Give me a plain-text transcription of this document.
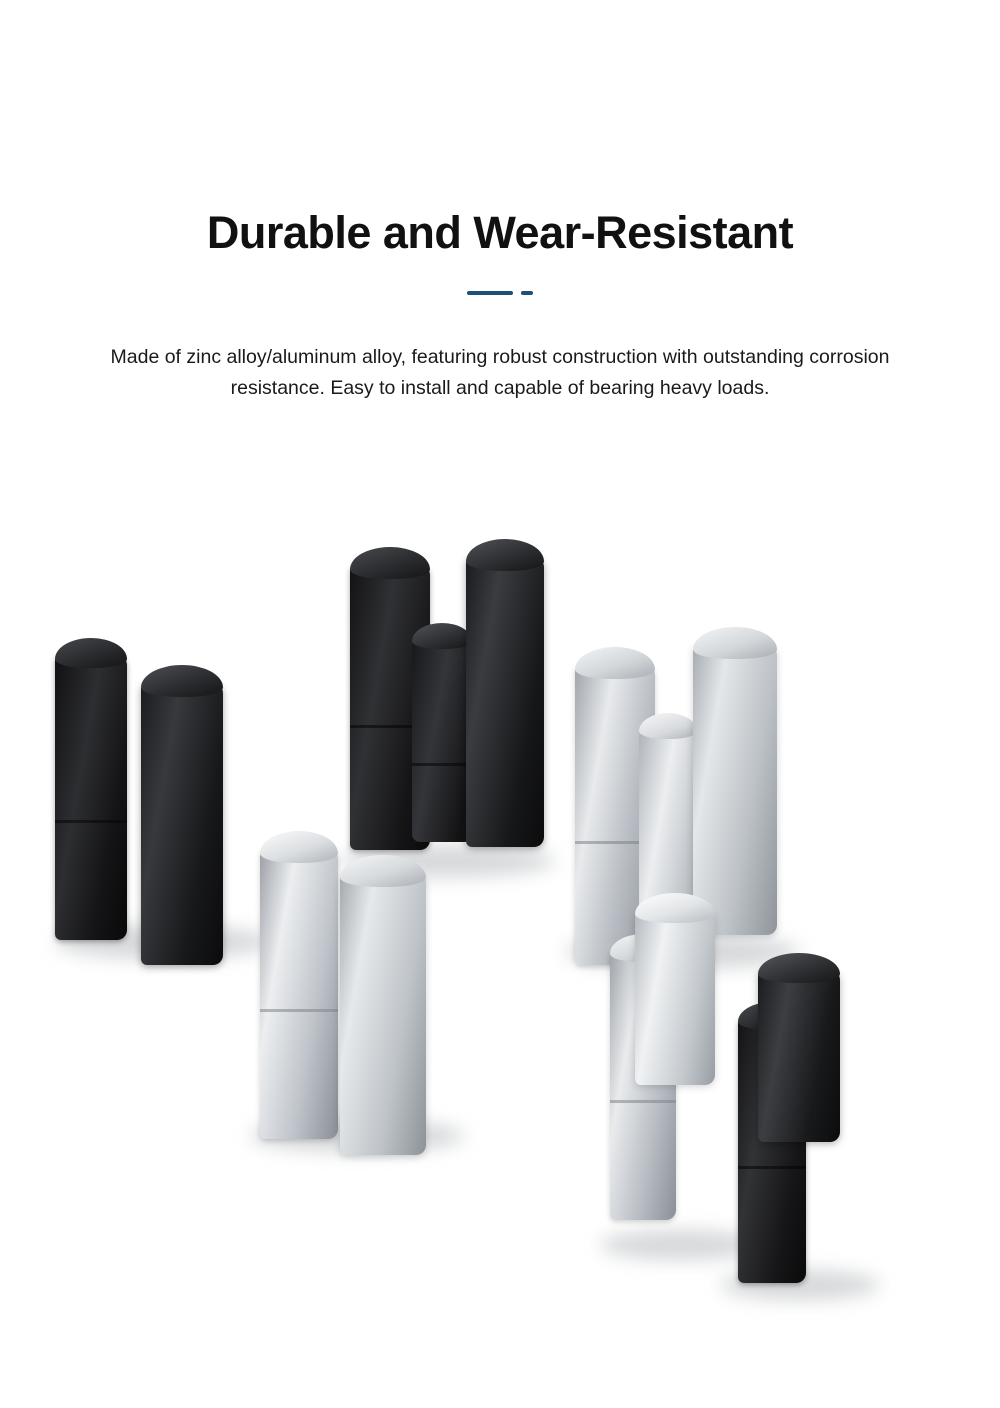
Durable and Wear-Resistant

Made of zinc alloy/aluminum alloy, featuring robust construction with outstanding corrosion resistance. Easy to install and capable of bearing heavy loads.
